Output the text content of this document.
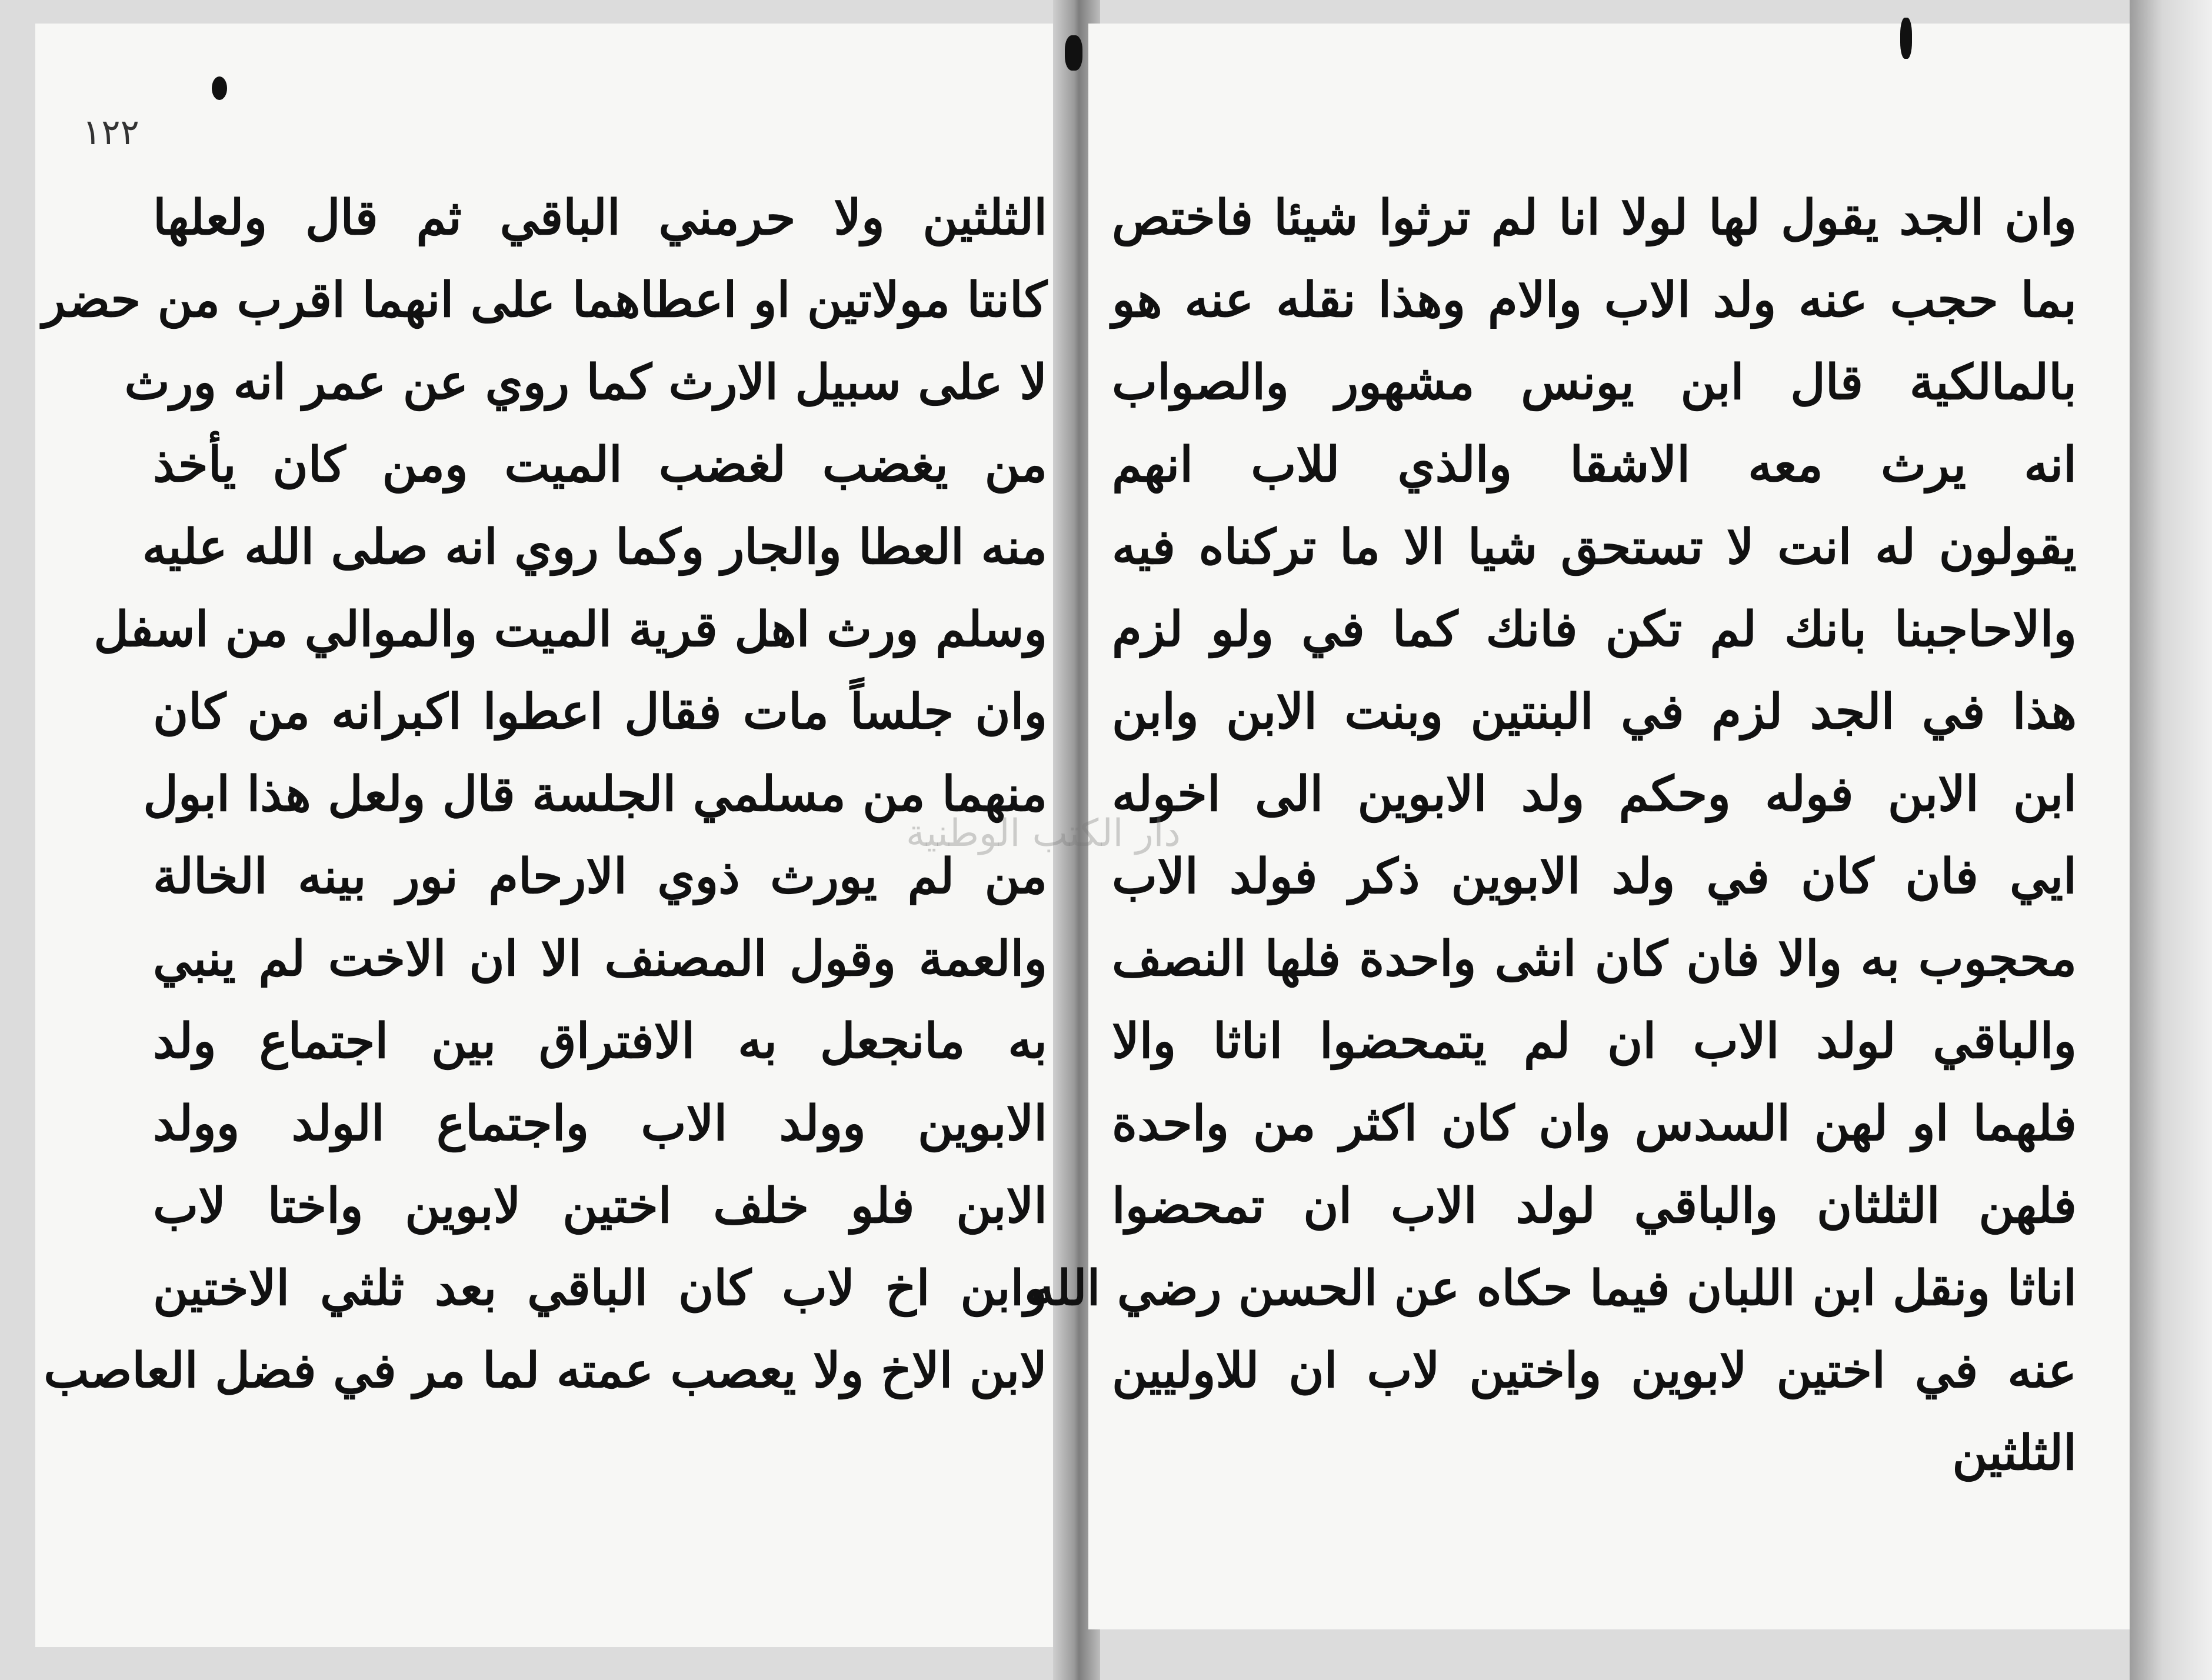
١٢٢
الثلثين ولا حرمني الباقي ثم قال ولعلها
كانتا مولاتين او اعطاهما على انهما اقرب من حضر
لا على سبيل الارث كما روي عن عمر انه ورث
من يغضب لغضب الميت ومن كان يأخذ
منه العطا والجار وكما روي انه صلى الله عليه
وسلم ورث اهل قرية الميت والموالي من اسفل
وان جلساً مات فقال اعطوا اكبرانه من كان
منهما من مسلمي الجلسة قال ولعل هذا ابول
من لم يورث ذوي الارحام نور بينه الخالة
والعمة وقول المصنف الا ان الاخت لم ينبي
به مانجعل به الافتراق بين اجتماع ولد
الابوين وولد الاب واجتماع الولد وولد
الابن فلو خلف اختين لابوين واختا لاب
وابن اخ لاب كان الباقي بعد ثلثي الاختين
لابن الاخ ولا يعصب عمته لما مر في فضل العاصب
وان الجد يقول لها لولا انا لم ترثوا شيئا فاختص
بما حجب عنه ولد الاب والام وهذا نقله عنه هو
بالمالكية قال ابن يونس مشهور والصواب
انه يرث معه الاشقا والذي للاب انهم
يقولون له انت لا تستحق شيا الا ما تركناه فيه
والاحاجبنا بانك لم تكن فانك كما في ولو لزم
هذا في الجد لزم في البنتين وبنت الابن وابن
ابن الابن فوله وحكم ولد الابوين الى اخوله
ايي فان كان في ولد الابوين ذكر فولد الاب
محجوب به والا فان كان انثى واحدة فلها النصف
والباقي لولد الاب ان لم يتمحضوا اناثا والا
فلهما او لهن السدس وان كان اكثر من واحدة
فلهن الثلثان والباقي لولد الاب ان تمحضوا
اناثا ونقل ابن اللبان فيما حكاه عن الحسن رضي الله
عنه في اختين لابوين واختين لاب ان للاوليين
الثلثين
دار الكتب الوطنية
